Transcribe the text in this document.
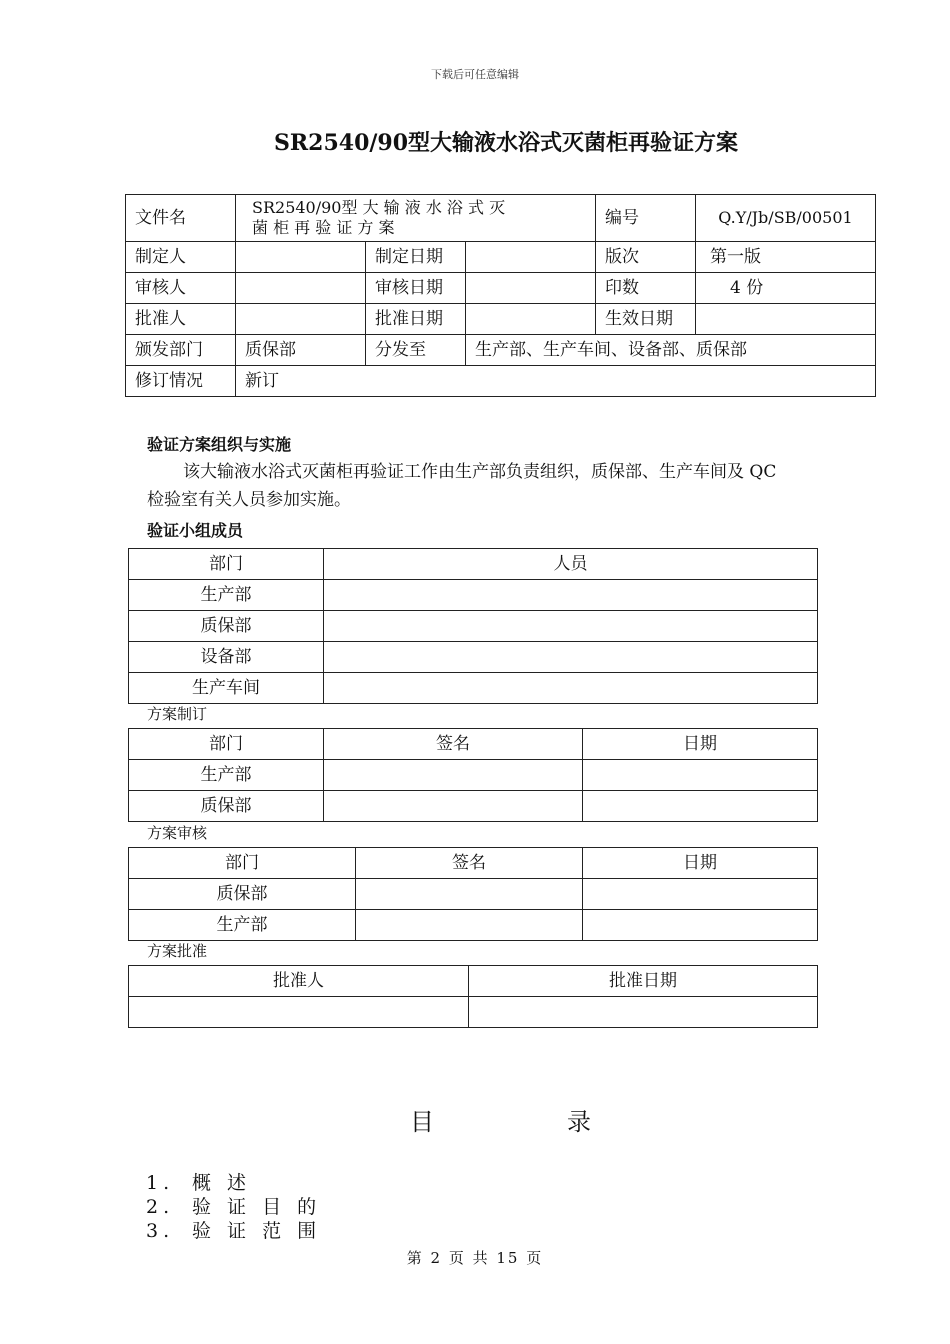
下载后可任意编辑
SR2540/90型大输液水浴式灭菌柜再验证方案
文件名	SR2540/90型 大 输 液 水 浴 式 灭
菌 柜 再 验 证 方 案			编号	Q.Y/Jb/SB/00501
制定人		制定日期		版次	第一版
审核人		审核日期		印数	4 份
批准人		批准日期		生效日期	
颁发部门	质保部	分发至	生产部、生产车间、设备部、质保部		
修订情况	新订				
验证方案组织与实施
该大输液水浴式灭菌柜再验证工作由生产部负责组织，质保部、生产车间及 QC
检验室有关人员参加实施。
验证小组成员
部门	人员
生产部	
质保部	
设备部	
生产车间	
方案制订
部门	签名	日期
生产部		
质保部		
方案审核
部门	签名	日期
质保部		
生产部		
方案批准
批准人	批准日期

目	录
1. 概 述
2. 验 证 目 的
3. 验 证 范 围
第 2 页 共 15 页
